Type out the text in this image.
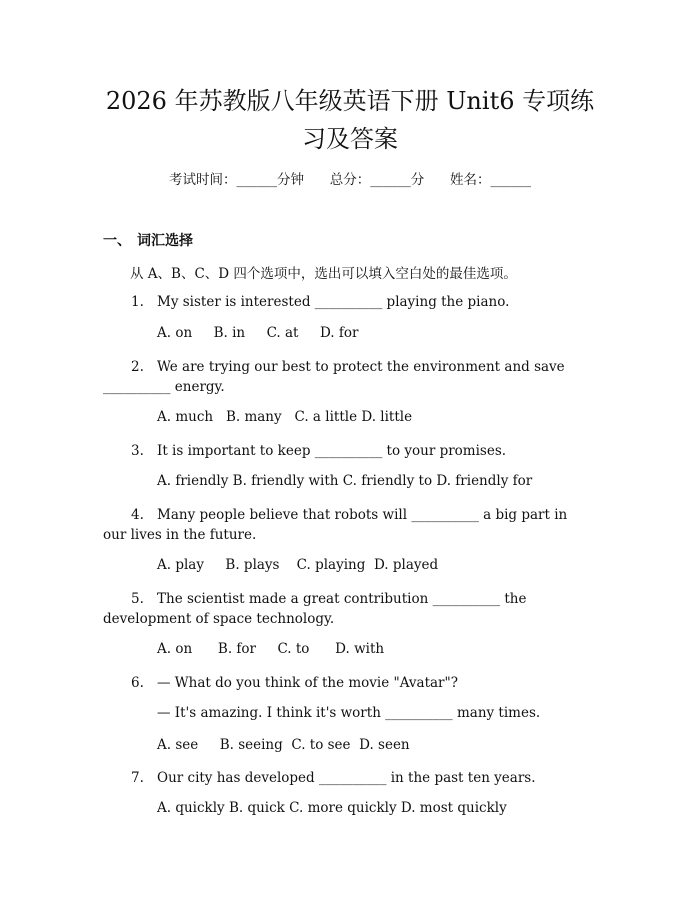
2026 年苏教版八年级英语下册 Unit6 专项练
习及答案
考试时间：______分钟      总分：______分      姓名：______
一、 词汇选择
从 A、B、C、D 四个选项中，选出可以填入空白处的最佳选项。
1. My sister is interested __________ playing the piano.
A. on     B. in     C. at     D. for
2. We are trying our best to protect the environment and save __________ energy.
A. much   B. many   C. a little D. little
3. It is important to keep __________ to your promises.
A. friendly B. friendly with C. friendly to D. friendly for
4. Many people believe that robots will __________ a big part in our lives in the future.
A. play     B. plays    C. playing  D. played
5. The scientist made a great contribution __________ the development of space technology.
A. on      B. for     C. to      D. with
6. — What do you think of the movie "Avatar"?
— It's amazing. I think it's worth __________ many times.
A. see     B. seeing  C. to see  D. seen
7. Our city has developed __________ in the past ten years.
A. quickly B. quick C. more quickly D. most quickly
